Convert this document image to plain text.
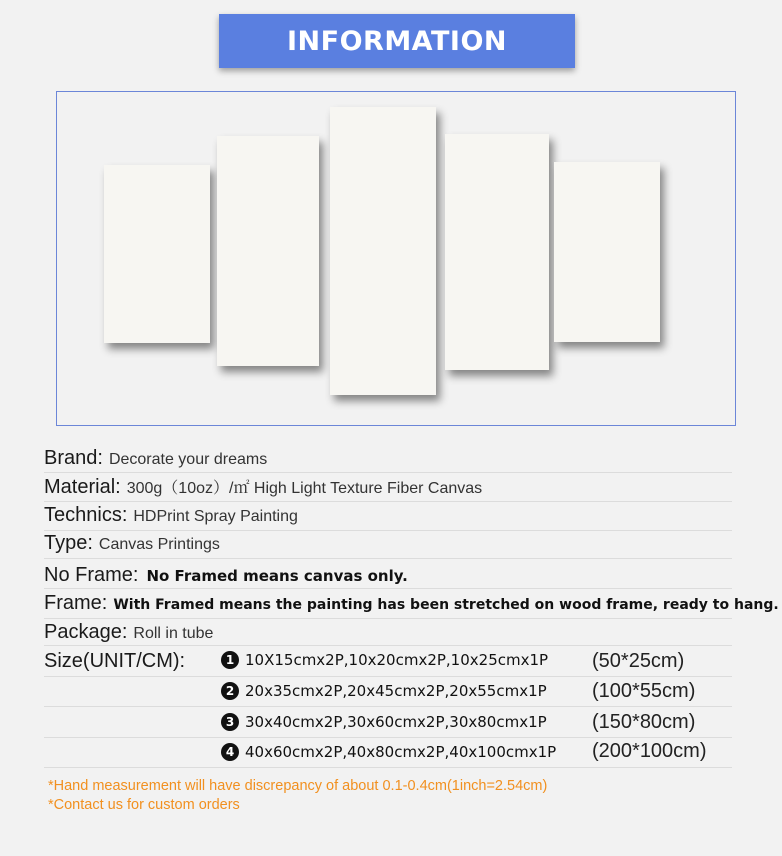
INFORMATION
Brand: Decorate your dreams
Material: 300g（10oz）/㎡ High Light Texture Fiber Canvas
Technics: HDPrint Spray Painting
Type: Canvas Printings
No Frame: No Framed means canvas only.
Frame: With Framed means the painting has been stretched on wood frame, ready to hang.
Package: Roll in tube
Size(UNIT/CM):	1 10X15cmx2P,10x20cmx2P,10x25cmx1P (50*25cm)
2 20x35cmx2P,20x45cmx2P,20x55cmx1P (100*55cm)
3 30x40cmx2P,30x60cmx2P,30x80cmx1P (150*80cm)
4 40x60cmx2P,40x80cmx2P,40x100cmx1P (200*100cm)
*Hand measurement will have discrepancy of about 0.1-0.4cm(1inch=2.54cm)
*Contact us for custom orders
